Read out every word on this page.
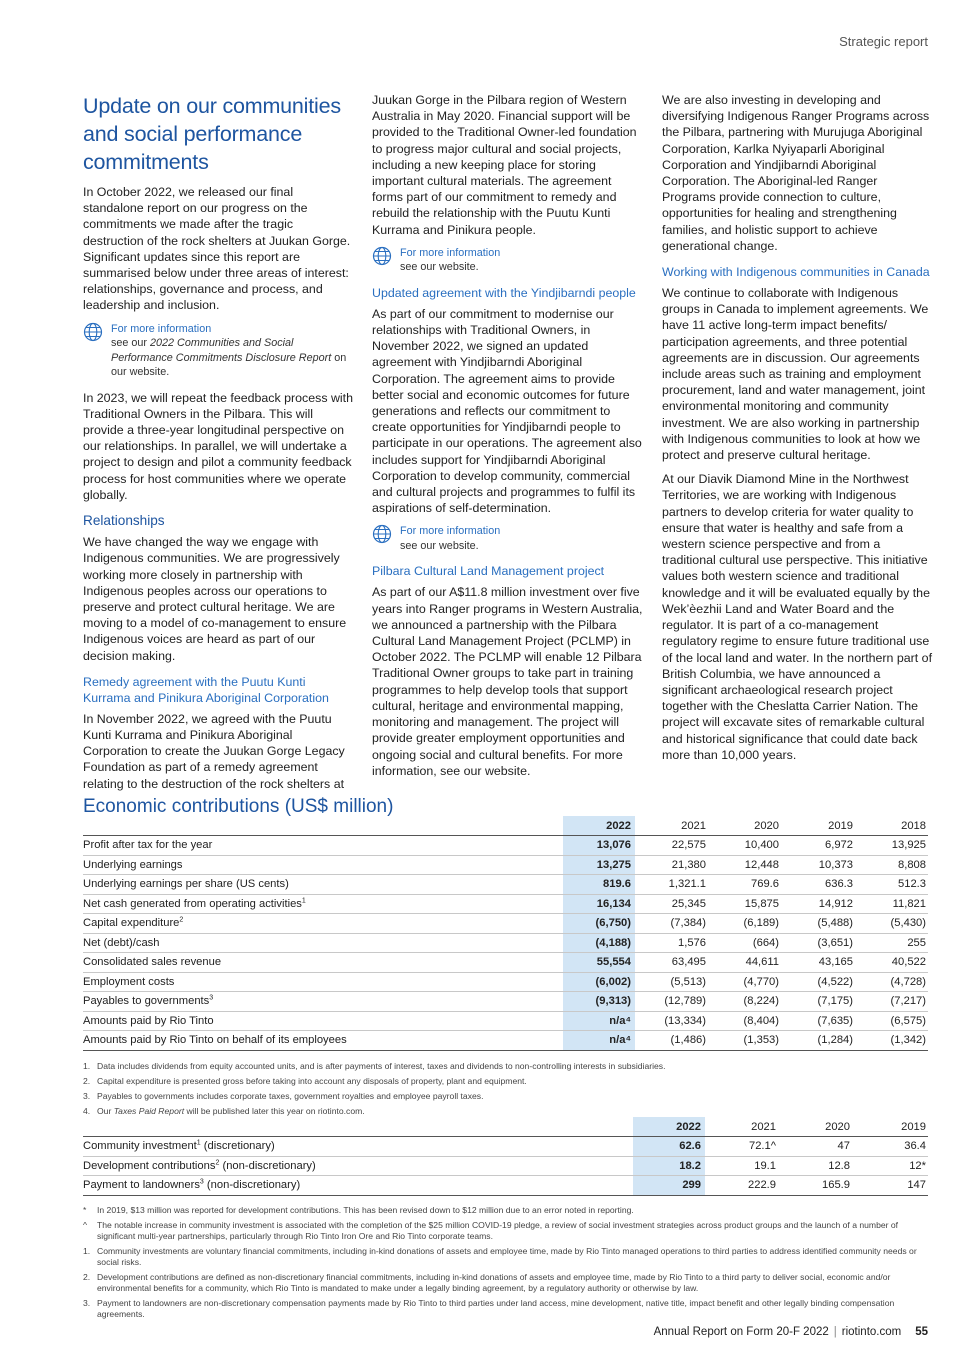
Strategic report
Update on our communities and social performance commitments

In October 2022, we released our final standalone report on our progress on the commitments we made after the tragic destruction of the rock shelters at Juukan Gorge. Significant updates since this report are summarised below under three areas of interest: relationships, governance and process, and leadership and inclusion.

For more information
see our 2022 Communities and Social Performance Commitments Disclosure Report on our website.

In 2023, we will repeat the feedback process with Traditional Owners in the Pilbara. This will provide a three-year longitudinal perspective on our relationships. In parallel, we will undertake a project to design and pilot a community feedback process for host communities where we operate globally.

Relationships

We have changed the way we engage with Indigenous communities. We are progressively working more closely in partnership with Indigenous peoples across our operations to preserve and protect cultural heritage. We are moving to a model of co-management to ensure Indigenous voices are heard as part of our decision making.

Remedy agreement with the Puutu Kunti Kurrama and Pinikura Aboriginal Corporation

In November 2022, we agreed with the Puutu Kunti Kurrama and Pinikura Aboriginal Corporation to create the Juukan Gorge Legacy Foundation as part of a remedy agreement relating to the destruction of the rock shelters at

Juukan Gorge in the Pilbara region of Western Australia in May 2020. Financial support will be provided to the Traditional Owner-led foundation to progress major cultural and social projects, including a new keeping place for storing important cultural materials. The agreement forms part of our commitment to remedy and rebuild the relationship with the Puutu Kunti Kurrama and Pinikura people.

For more information
see our website.
Updated agreement with the Yindjibarndi people

As part of our commitment to modernise our relationships with Traditional Owners, in November 2022, we signed an updated agreement with Yindjibarndi Aboriginal Corporation. The agreement aims to provide better social and economic outcomes for future generations and reflects our commitment to create opportunities for Yindjibarndi people to participate in our operations. The agreement also includes support for Yindjibarndi Aboriginal Corporation to develop community, commercial and cultural projects and programmes to fulfil its aspirations of self-determination.

For more information
see our website.
Pilbara Cultural Land Management project

As part of our A$11.8 million investment over five years into Ranger programs in Western Australia, we announced a partnership with the Pilbara Cultural Land Management Project (PCLMP) in October 2022. The PCLMP will enable 12 Pilbara Traditional Owner groups to take part in training programmes to help develop tools that support cultural, heritage and environmental mapping, monitoring and management. The project will provide greater employment opportunities and ongoing social and cultural benefits. For more information, see our website.

We are also investing in developing and diversifying Indigenous Ranger Programs across the Pilbara, partnering with Murujuga Aboriginal Corporation, Karlka Nyiyaparli Aboriginal Corporation and Yindjibarndi Aboriginal Corporation. The Aboriginal-led Ranger Programs provide connection to culture, opportunities for healing and strengthening families, and holistic support to achieve generational change.

Working with Indigenous communities in Canada

We continue to collaborate with Indigenous groups in Canada to implement agreements. We have 11 active long-term impact benefits/ participation agreements, and three potential agreements are in discussion. Our agreements include areas such as training and employment procurement, land and water management, joint environmental monitoring and community investment. We are also working in partnership with Indigenous communities to look at how we protect and preserve cultural heritage.

At our Diavik Diamond Mine in the Northwest Territories, we are working with Indigenous partners to develop criteria for water quality to ensure that water is healthy and safe from a western science perspective and from a traditional cultural use perspective. This initiative values both western science and traditional knowledge and it will be evaluated equally by the Wek’èezhii Land and Water Board and the regulator. It is part of a co-management regulatory regime to ensure future traditional use of the local land and water. In the northern part of British Columbia, we have announced a significant archaeological research project together with the Cheslatta Carrier Nation. The project will excavate sites of remarkable cultural and historical significance that could date back more than 10,000 years.

Economic contributions (US$ million)
	2022	2021	2020	2019	2018
Profit after tax for the year	13,076	22,575	10,400	6,972	13,925
Underlying earnings	13,275	21,380	12,448	10,373	8,808
Underlying earnings per share (US cents)	819.6	1,321.1	769.6	636.3	512.3
Net cash generated from operating activities$^1$	16,134	25,345	15,875	14,912	11,821
Capital expenditure$^2$	(6,750)	(7,384)	(6,189)	(5,488)	(5,430)
Net (debt)/cash	(4,188)	1,576	(664)	(3,651)	255
Consolidated sales revenue	55,554	63,495	44,611	43,165	40,522
Employment costs	(6,002)	(5,513)	(4,770)	(4,522)	(4,728)
Payables to governments$^3$	(9,313)	(12,789)	(8,224)	(7,175)	(7,217)
Amounts paid by Rio Tinto	n/a⁴	(13,334)	(8,404)	(7,635)	(6,575)
Amounts paid by Rio Tinto on behalf of its employees	n/a⁴	(1,486)	(1,353)	(1,284)	(1,342)
1. Data includes dividends from equity accounted units, and is after payments of interest, taxes and dividends to non-controlling interests in subsidiaries.
2. Capital expenditure is presented gross before taking into account any disposals of property, plant and equipment.
3. Payables to governments includes corporate taxes, government royalties and employee payroll taxes.
4. Our Taxes Paid Report will be published later this year on riotinto.com.
	2022	2021	2020	2019
Community investment$^1$ (discretionary)	62.6	72.1^	47	36.4
Development contributions$^2$ (non-discretionary)	18.2	19.1	12.8	12*
Payment to landowners$^3$ (non-discretionary)	299	222.9	165.9	147
*	In 2019, $13 million was reported for development contributions. This has been revised down to $12 million due to an error noted in reporting.
^	The notable increase in community investment is associated with the completion of the $25 million COVID-19 pledge, a review of social investment strategies across product groups and the launch of a number of significant multi-year partnerships, particularly through Rio Tinto Iron Ore and Rio Tinto corporate teams.
1. Community investments are voluntary financial commitments, including in-kind donations of assets and employee time, made by Rio Tinto managed operations to third parties to address identified community needs or social risks.
2. Development contributions are defined as non-discretionary financial commitments, including in-kind donations of assets and employee time, made by Rio Tinto to a third party to deliver social, economic and/or environmental benefits for a community, which Rio Tinto is mandated to make under a legally binding agreement, by a regulatory authority or otherwise by law.
3. Payment to landowners are non-discretionary compensation payments made by Rio Tinto to third parties under land access, mine development, native title, impact benefit and other legally binding compensation agreements.
Annual Report on Form 20-F 2022 | riotinto.com 55
